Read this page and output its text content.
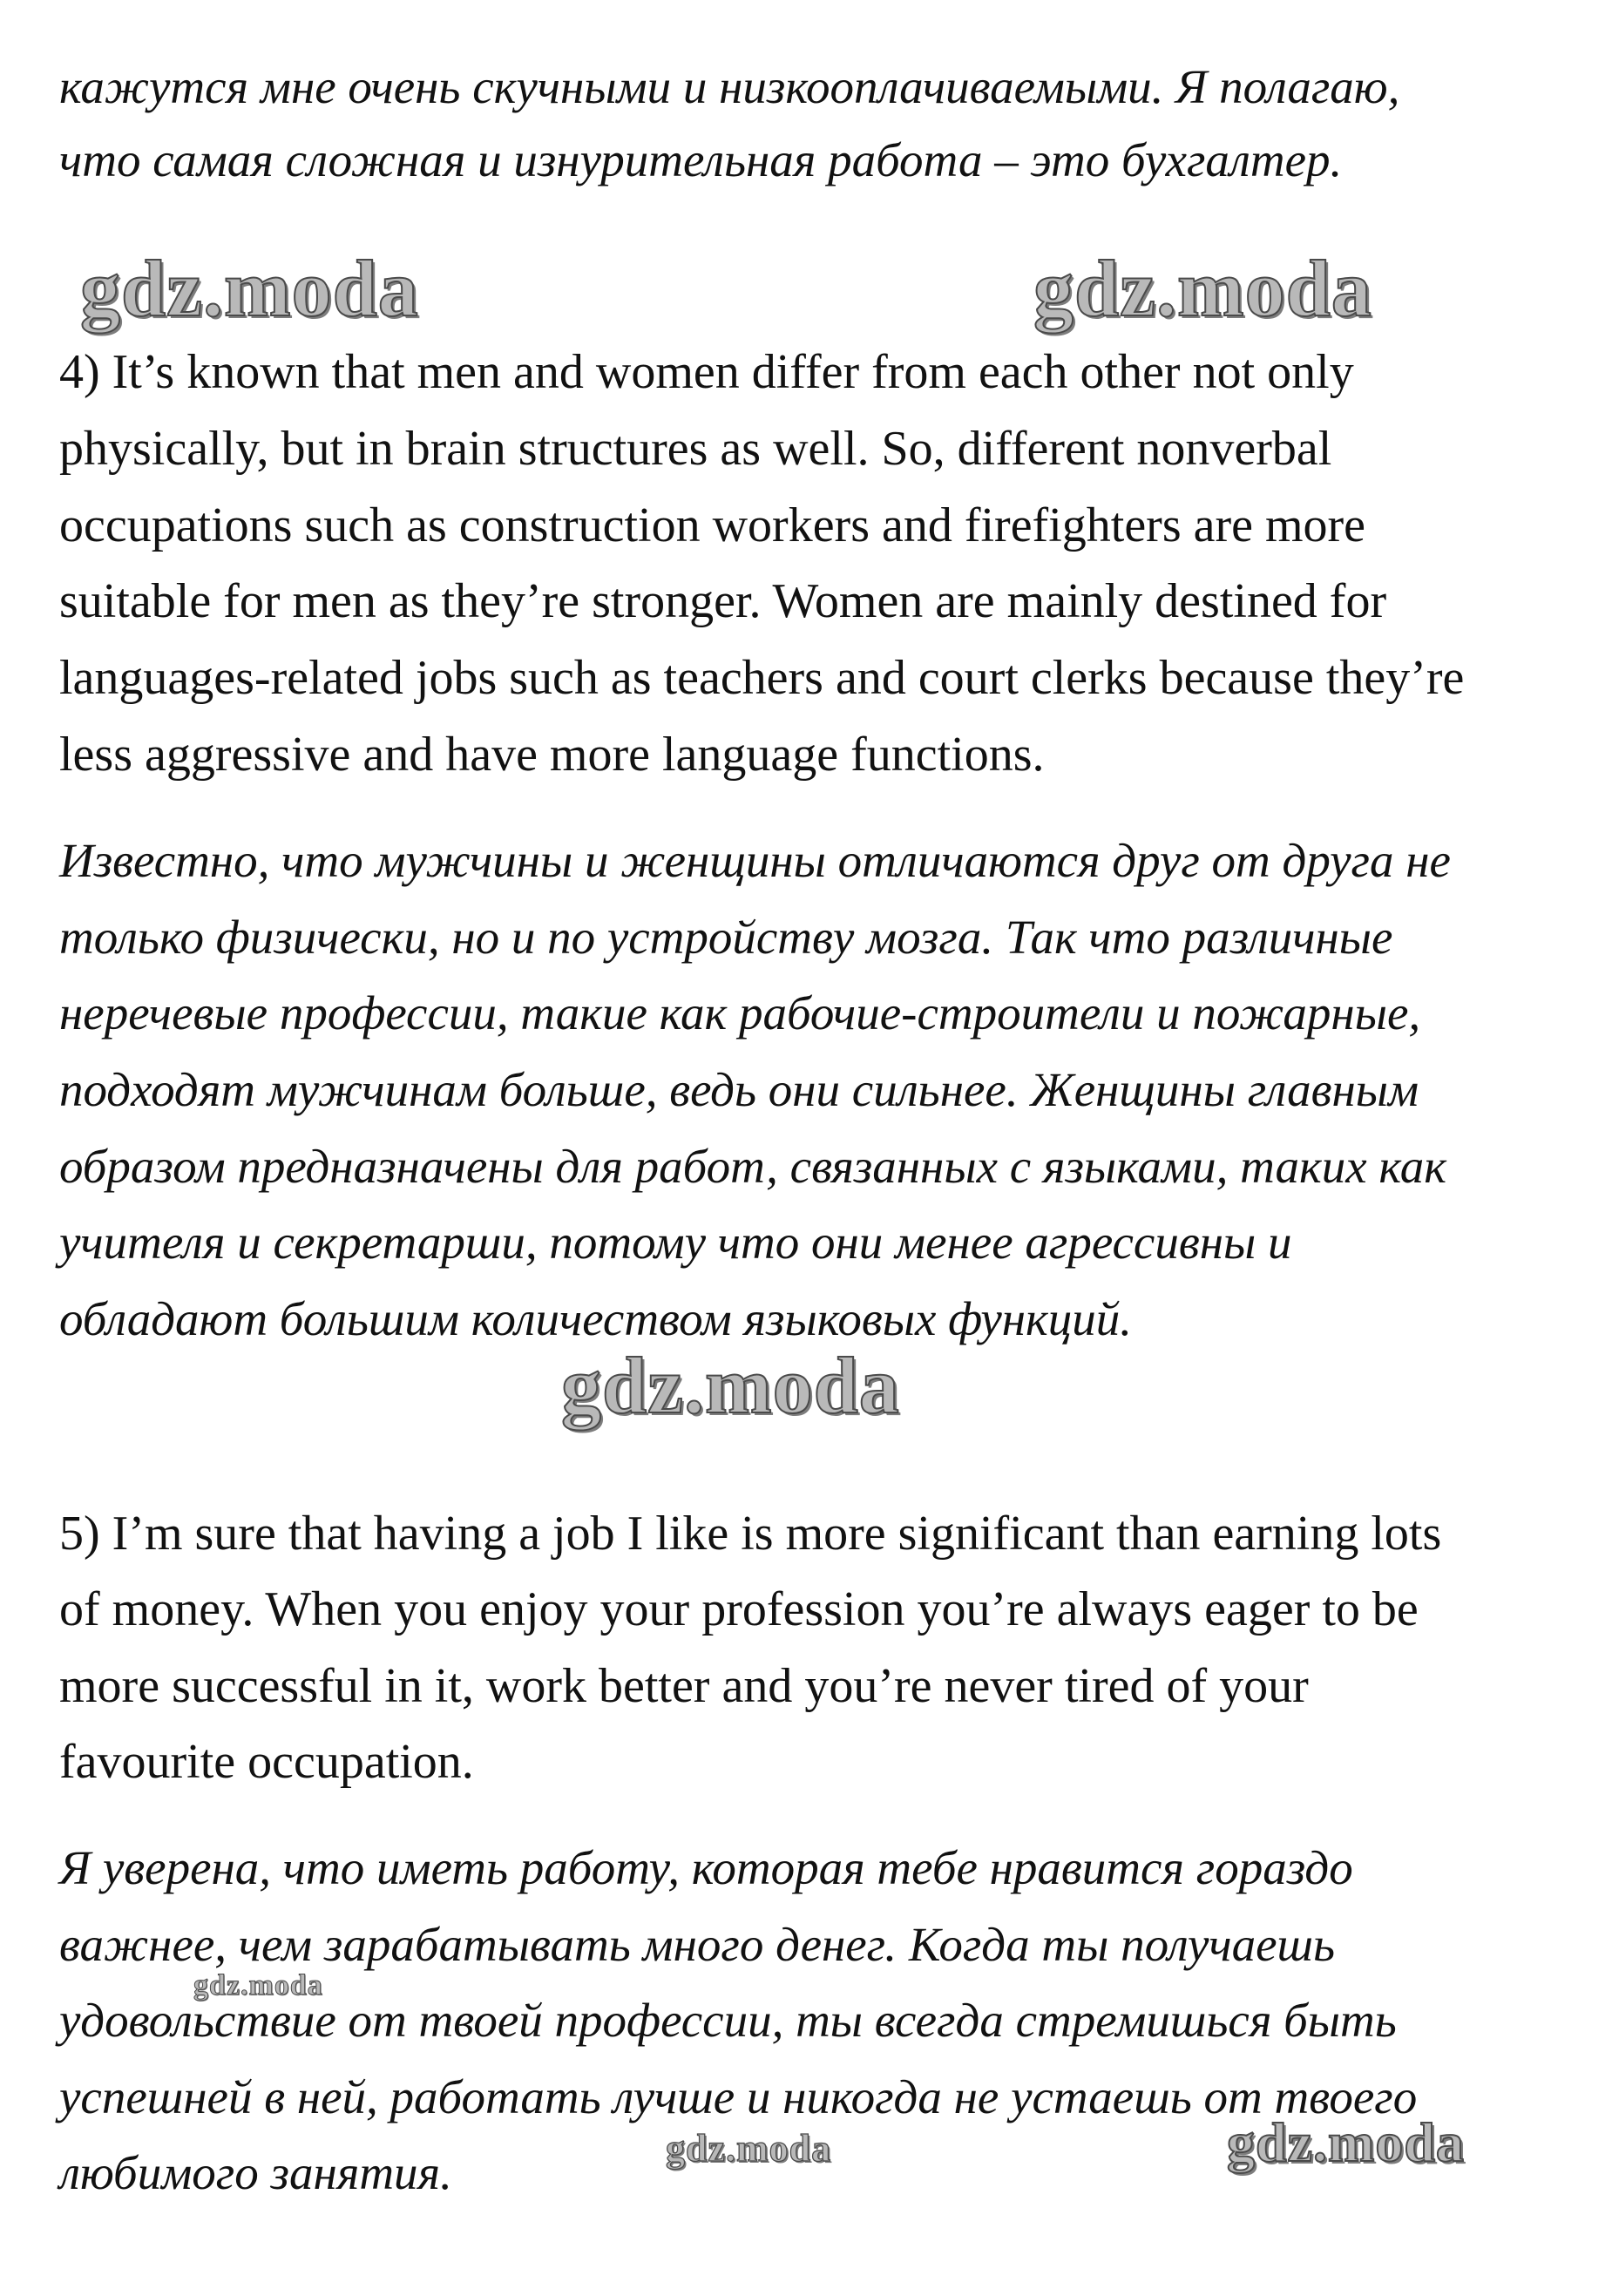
кажутся мне очень скучными и низкооплачиваемыми. Я полагаю,
что самая сложная и изнурительная работа – это бухгалтер.
gdz.moda	gdz.moda
4) It’s known that men and women differ from each other not only
physically, but in brain structures as well. So, different nonverbal
occupations such as construction workers and firefighters are more
suitable for men as they’re stronger. Women are mainly destined for
languages-related jobs such as teachers and court clerks because they’re
less aggressive and have more language functions.
Известно, что мужчины и женщины отличаются друг от друга не
только физически, но и по устройству мозга. Так что различные
неречевые профессии, такие как рабочие-строители и пожарные,
подходят мужчинам больше, ведь они сильнее. Женщины главным
образом предназначены для работ, связанных с языками, таких как
учителя и секретарши, потому что они менее агрессивны и
обладают большим количеством языковых функций.
gdz.moda
5) I’m sure that having a job I like is more significant than earning lots
of money. When you enjoy your profession you’re always eager to be
more successful in it, work better and you’re never tired of your
favourite occupation.
Я уверена, что иметь работу, которая тебе нравится гораздо
важнее, чем зарабатывать много денег. Когда ты получаешь
удовольствие от твоей профессии, ты всегда стремишься быть
успешней в ней, работать лучше и никогда не устаешь от твоего
любимого занятия.
gdz.moda
gdz.moda	gdz.moda
